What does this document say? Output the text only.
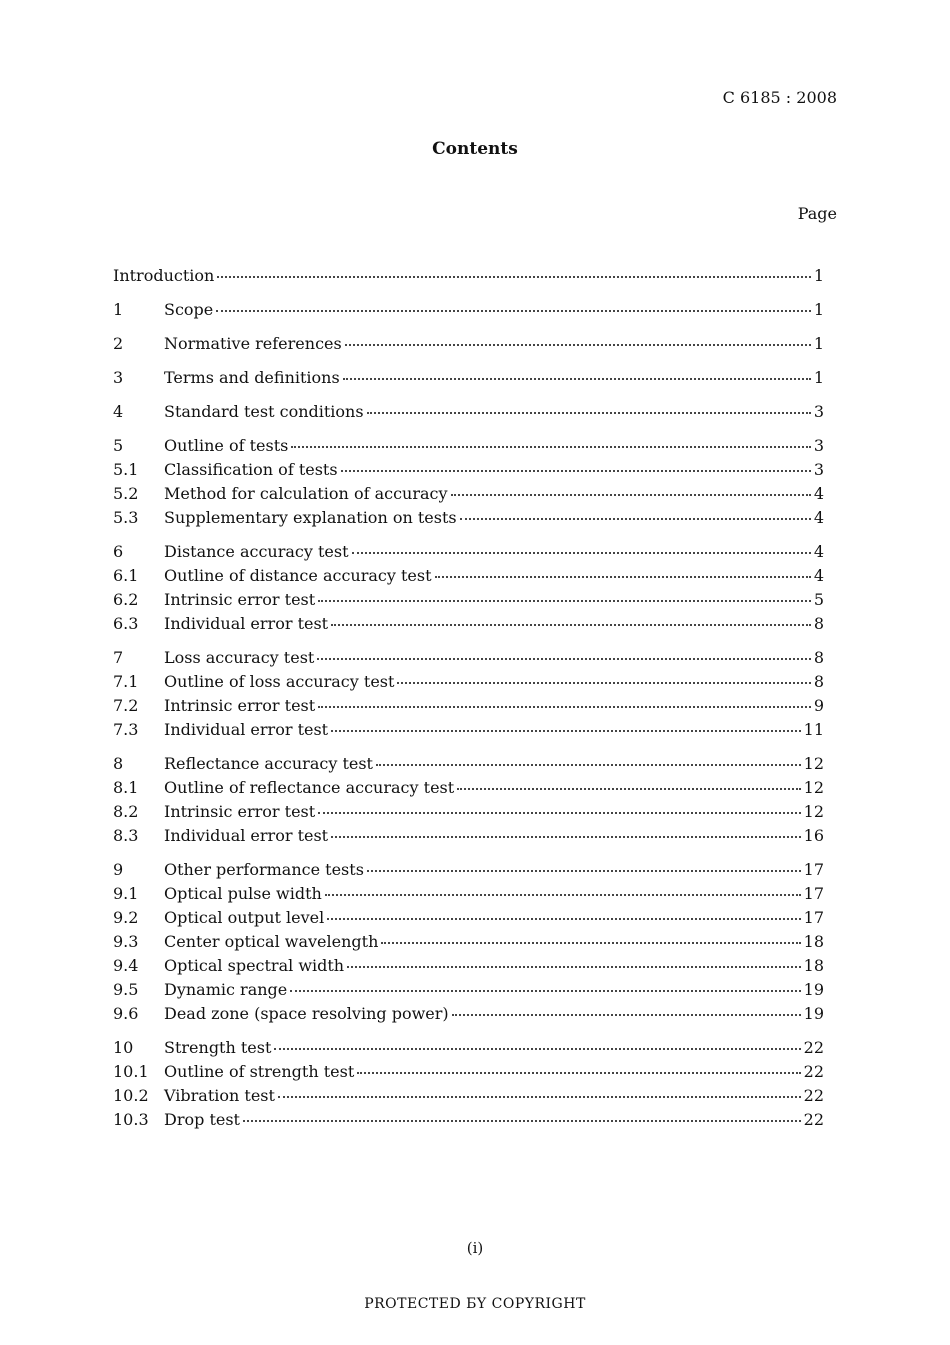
C 6185 : 2008
Contents
Page
Introduction	1
1	Scope	1
2	Normative references	1
3	Terms and definitions	1
4	Standard test conditions	3
5	Outline of tests	3
5.1	Classification of tests	3
5.2	Method for calculation of accuracy	4
5.3	Supplementary explanation on tests	4
6	Distance accuracy test	4
6.1	Outline of distance accuracy test	4
6.2	Intrinsic error test	5
6.3	Individual error test	8
7	Loss accuracy test	8
7.1	Outline of loss accuracy test	8
7.2	Intrinsic error test	9
7.3	Individual error test	11
8	Reflectance accuracy test	12
8.1	Outline of reflectance accuracy test	12
8.2	Intrinsic error test	12
8.3	Individual error test	16
9	Other performance tests	17
9.1	Optical pulse width	17
9.2	Optical output level	17
9.3	Center optical wavelength	18
9.4	Optical spectral width	18
9.5	Dynamic range	19
9.6	Dead zone (space resolving power)	19
10	Strength test	22
10.1 Outline of strength test	22
10.2 Vibration test	22
10.3 Drop test	22
(i)
PROTECTED БY COPYRIGHT
